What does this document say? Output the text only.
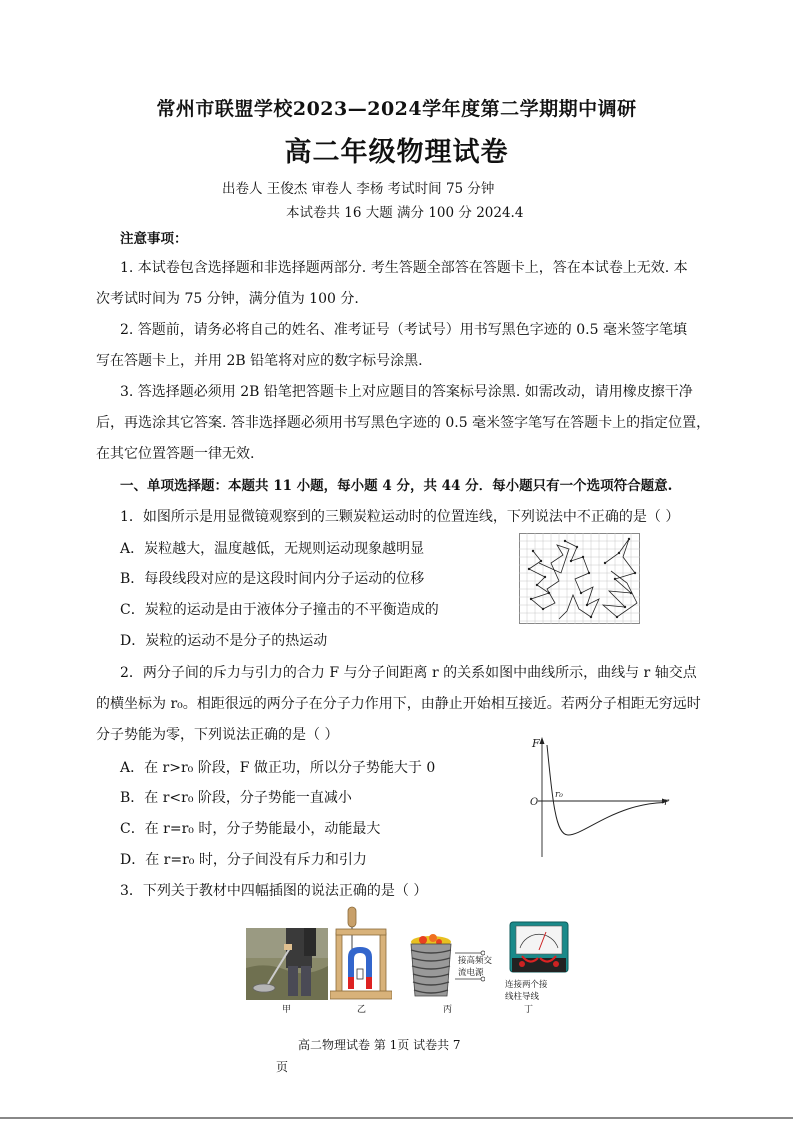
常州市联盟学校2023—2024学年度第二学期期中调研
高二年级物理试卷
出卷人 王俊杰 审卷人 李杨 考试时间 75 分钟
本试卷共 16 大题 满分 100 分 2024.4
注意事项：
1. 本试卷包含选择题和非选择题两部分. 考生答题全部答在答题卡上，答在本试卷上无效. 本
次考试时间为 75 分钟，满分值为 100 分.
2. 答题前，请务必将自己的姓名、准考证号（考试号）用书写黑色字迹的 0.5 毫米签字笔填
写在答题卡上，并用 2B 铅笔将对应的数字标号涂黑.
3. 答选择题必须用 2B 铅笔把答题卡上对应题目的答案标号涂黑. 如需改动，请用橡皮擦干净
后，再选涂其它答案. 答非选择题必须用书写黑色字迹的 0.5 毫米签字笔写在答题卡上的指定位置，
在其它位置答题一律无效.
一、单项选择题：本题共 11 小题，每小题 4 分，共 44 分．每小题只有一个选项符合题意.
1．如图所示是用显微镜观察到的三颗炭粒运动时的位置连线，下列说法中不正确的是（ ）
A．炭粒越大，温度越低，无规则运动现象越明显
B．每段线段对应的是这段时间内分子运动的位移
C．炭粒的运动是由于液体分子撞击的不平衡造成的
D．炭粒的运动不是分子的热运动
2．两分子间的斥力与引力的合力 F 与分子间距离 r 的关系如图中曲线所示，曲线与 r 轴交点
的横坐标为 r₀。相距很远的两分子在分子力作用下，由静止开始相互接近。若两分子相距无穷远时
分子势能为零，下列说法正确的是（ ）
A．在 r>r₀ 阶段，F 做正功，所以分子势能大于 0
B．在 r<r₀ 阶段，分子势能一直减小
C．在 r=r₀ 时，分子势能最小，动能最大
D．在 r=r₀ 时，分子间没有斥力和引力
F
O	r
r₀
3．下列关于教材中四幅插图的说法正确的是（ ）
甲	乙
接高频交
流电源
丙
连接两个接
线柱导线
丁
高二物理试卷 第 1页 试卷共 7
页
